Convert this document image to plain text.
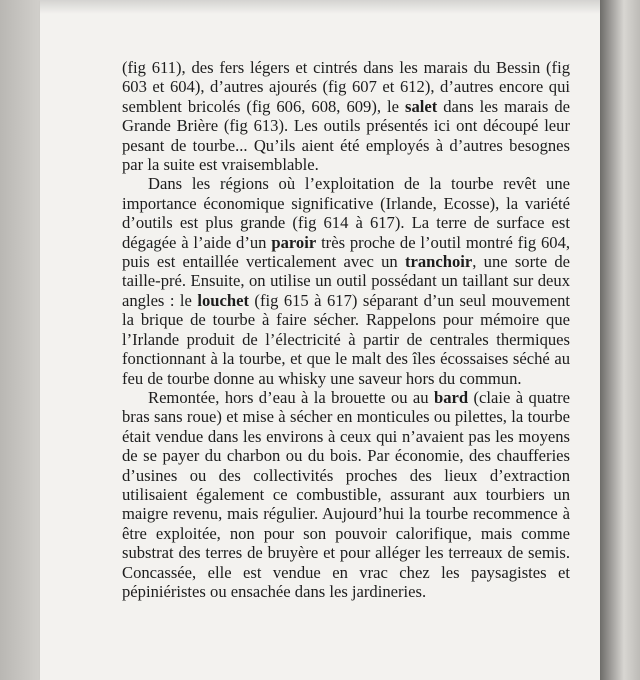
(fig 611), des fers légers et cintrés dans les marais du Bessin (fig 603 et 604), d’autres ajourés (fig 607 et 612), d’autres encore qui semblent bricolés (fig 606, 608, 609), le salet dans les marais de Grande Brière (fig 613). Les outils présentés ici ont découpé leur pesant de tourbe... Qu’ils aient été employés à d’autres besognes par la suite est vraisemblable.

Dans les régions où l’exploitation de la tourbe revêt une importance économique significative (Irlande, Ecosse), la variété d’outils est plus grande (fig 614 à 617). La terre de surface est dégagée à l’aide d’un paroir très proche de l’outil montré fig 604, puis est entaillée verticalement avec un tranchoir, une sorte de taille-pré. Ensuite, on utilise un outil possédant un taillant sur deux angles : le louchet (fig 615 à 617) séparant d’un seul mouvement la brique de tourbe à faire sécher. Rappelons pour mémoire que l’Irlande produit de l’électricité à partir de centrales thermiques fonctionnant à la tourbe, et que le malt des îles écossaises séché au feu de tourbe donne au whisky une saveur hors du commun.

Remontée, hors d’eau à la brouette ou au bard (claie à quatre bras sans roue) et mise à sécher en monticules ou pilettes, la tourbe était vendue dans les environs à ceux qui n’avaient pas les moyens de se payer du charbon ou du bois. Par économie, des chaufferies d’usines ou des collectivités proches des lieux d’extraction utilisaient également ce combustible, assurant aux tourbiers un maigre revenu, mais régulier. Aujourd’hui la tourbe recommence à être exploitée, non pour son pouvoir calorifique, mais comme substrat des terres de bruyère et pour alléger les terreaux de semis. Concassée, elle est vendue en vrac chez les paysagistes et pépiniéristes ou ensachée dans les jardineries.
